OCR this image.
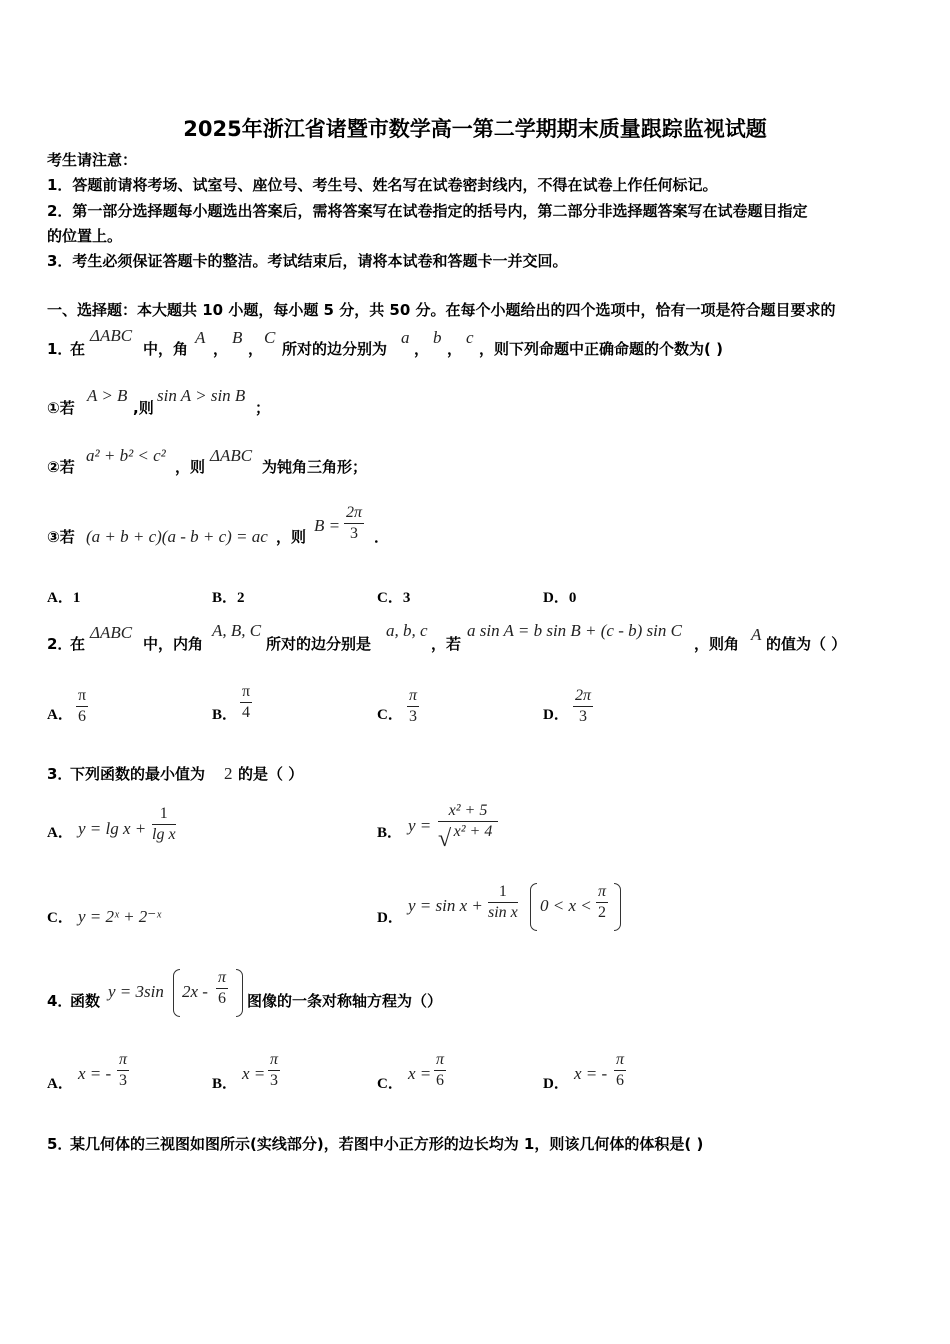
2025年浙江省诸暨市数学高一第二学期期末质量跟踪监视试题
考生请注意：
1．答题前请将考场、试室号、座位号、考生号、姓名写在试卷密封线内，不得在试卷上作任何标记。
2．第一部分选择题每小题选出答案后，需将答案写在试卷指定的括号内，第二部分非选择题答案写在试卷题目指定
的位置上。
3．考生必须保证答题卡的整洁。考试结束后，请将本试卷和答题卡一并交回。
一、选择题：本大题共 10 小题，每小题 5 分，共 50 分。在每个小题给出的四个选项中，恰有一项是符合题目要求的
1．
在
ΔABC
中，角
A
，
B
，
C
所对的边分别为
a
，
b
，
c
，则下列命题中正确命题的个数为( )
①若
A > B
,则
sin A > sin B
；
②若
a² + b² < c²
，则
ΔABC
为钝角三角形；
③若 (a + b + c)(a - b + c) = ac ，则
$B = \frac{2\pi}{3}$ ．
A．1	B．2	C．3	D．0
2．
在
ΔABC
中，内角
A, B, C
所对的边分别是
a, b, c
，若
a sin A = b sin B + (c - b) sin C
，则角 A 的值为（ ）
A． $\frac{\pi}{6}$	B． $\frac{\pi}{4}$	C． $\frac{\pi}{3}$	D． $\frac{2\pi}{3}$
3．
下列函数的最小值为 2 的是（ ）
A． $y = \lg x + \frac{1}{\text{lg x}}$	B． $y = \frac{\text{x² + 5}}{\text{x² + 4}}$
√
C． y = 2ˣ + 2⁻ˣ	D．
$y = \sin x + \frac{1}{\text{sin x}} 0 < x < \frac{\pi}{2}$
4．
函数 y = 3sin $2x - \frac{\pi}{6}$ 图像的一条对称轴方程为（）
A．
x = - $\frac{\pi}{3}$	B．
$x = \frac{\pi}{3}$	C．
$x = \frac{\pi}{6}$	D．
x = - $\frac{\pi}{6}$
5．
某几何体的三视图如图所示(实线部分)，若图中小正方形的边长均为 1，则该几何体的体积是( )
